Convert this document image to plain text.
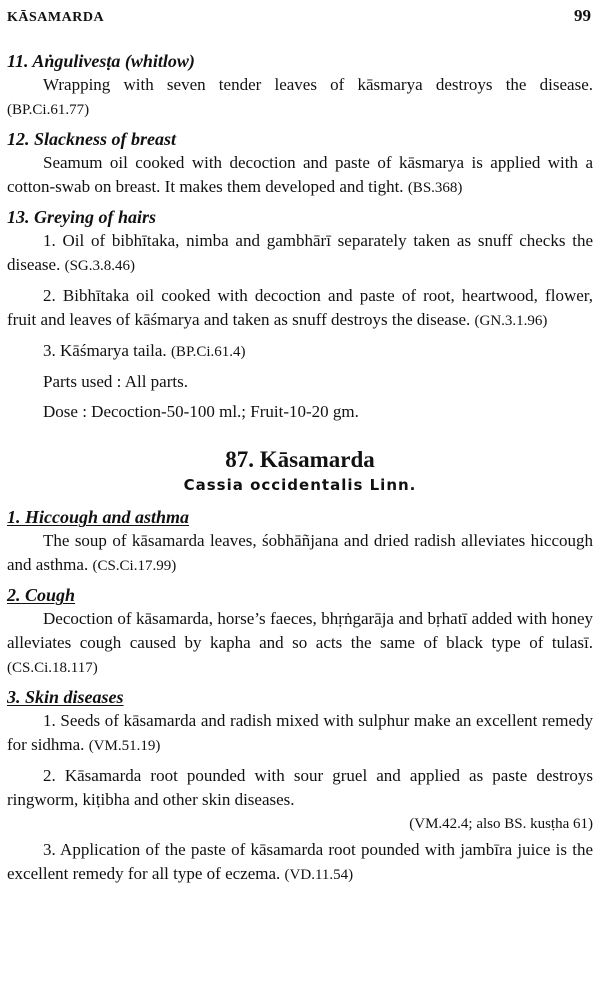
KĀSAMARDA	99
11. Aṅgulivesṭa (whitlow)

Wrapping with seven tender leaves of kāsmarya destroys the disease. (BP.Ci.61.77)

12. Slackness of breast

Seamum oil cooked with decoction and paste of kāsmarya is applied with a cotton-swab on breast. It makes them developed and tight. (BS.368)

13. Greying of hairs

1. Oil of bibhītaka, nimba and gambhārī separately taken as snuff checks the disease. (SG.3.8.46)

2. Bibhītaka oil cooked with decoction and paste of root, heartwood, flower, fruit and leaves of kāśmarya and taken as snuff destroys the disease. (GN.3.1.96)

3. Kāśmarya taila. (BP.Ci.61.4)

Parts used : All parts.

Dose : Decoction-50-100 ml.; Fruit-10-20 gm.

87. Kāsamarda
Cassia occidentalis Linn.
1. Hiccough and asthma

The soup of kāsamarda leaves, śobhāñjana and dried radish alleviates hiccough and asthma. (CS.Ci.17.99)

2. Cough

Decoction of kāsamarda, horse’s faeces, bhṛṅgarāja and bṛhatī added with honey alleviates cough caused by kapha and so acts the same of black type of tulasī. (CS.Ci.18.117)

3. Skin diseases

1. Seeds of kāsamarda and radish mixed with sulphur make an excellent remedy for sidhma. (VM.51.19)

2. Kāsamarda root pounded with sour gruel and applied as paste destroys ringworm, kiṭibha and other skin diseases.

(VM.42.4; also BS. kusṭha 61)

3. Application of the paste of kāsamarda root pounded with jambīra juice is the excellent remedy for all type of eczema. (VD.11.54)
